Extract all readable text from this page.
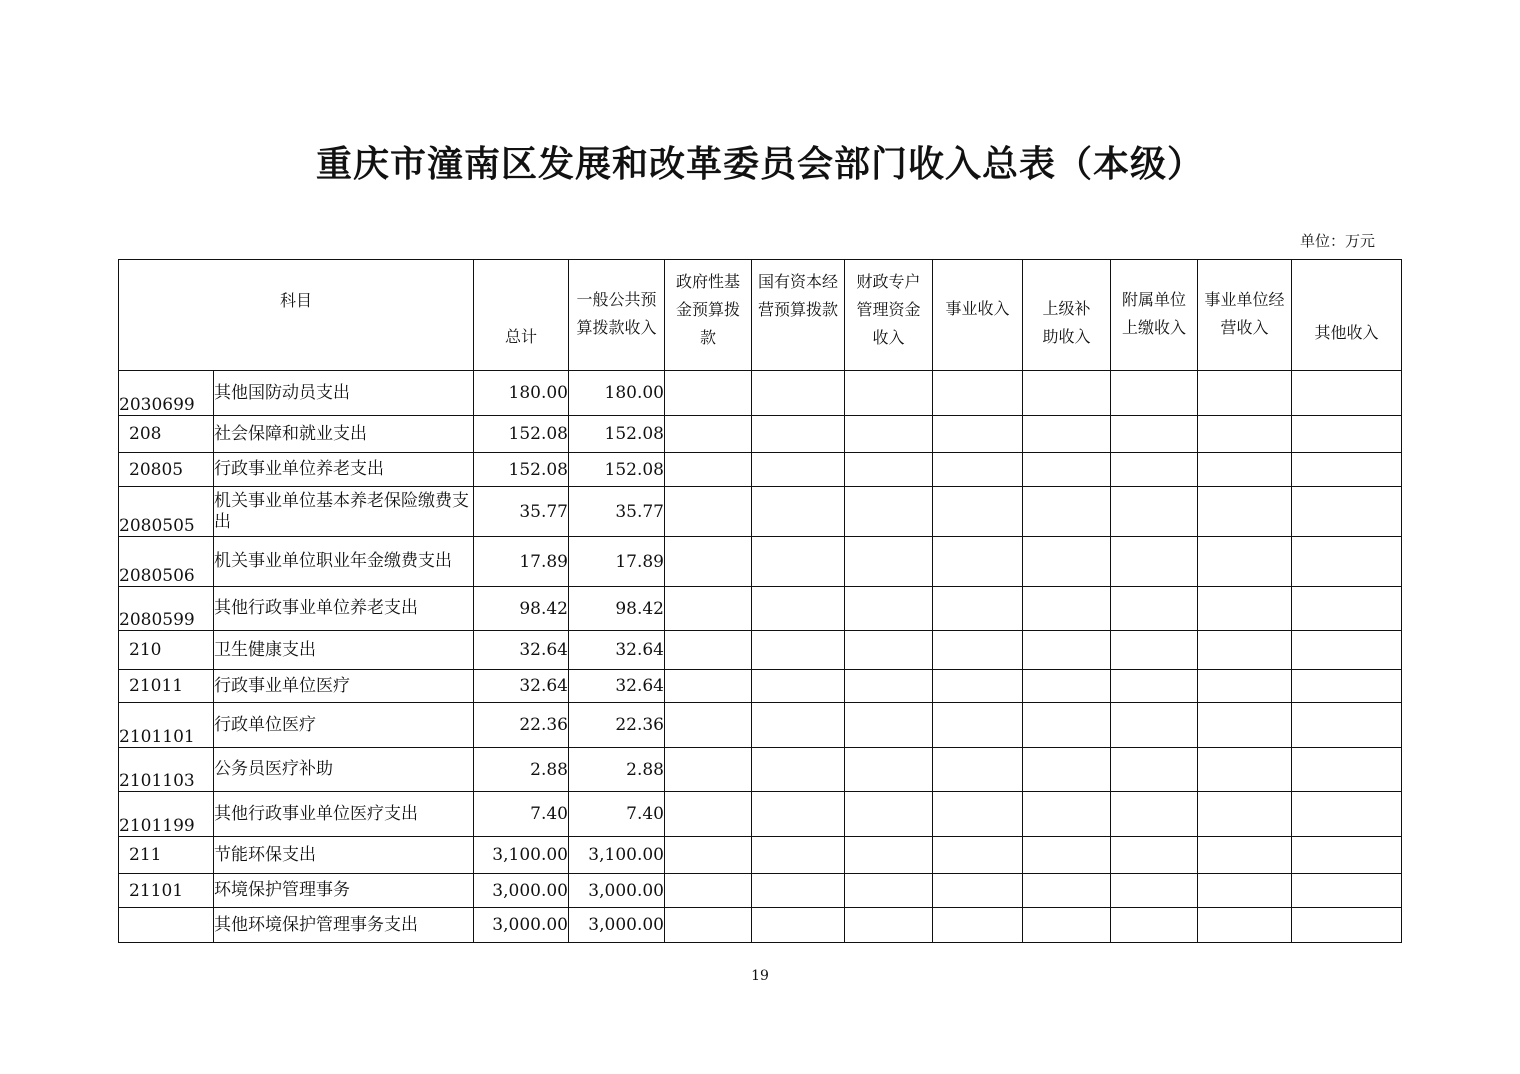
重庆市潼南区发展和改革委员会部门收入总表（本级）
单位：万元
科目		总计	一般公共预算拨款收入	政府性基金预算拨款	国有资本经营预算拨款	财政专户管理资金收入	事业收入	上级补助收入	附属单位上缴收入	事业单位经营收入	其他收入

2030699	其他国防动员支出	180.00	180.00								
208	社会保障和就业支出	152.08	152.08								
20805	行政事业单位养老支出	152.08	152.08								
2080505	机关事业单位基本养老保险缴费支出	35.77	35.77								
2080506	机关事业单位职业年金缴费支出	17.89	17.89								
2080599	其他行政事业单位养老支出	98.42	98.42								
210	卫生健康支出	32.64	32.64								
21011	行政事业单位医疗	32.64	32.64								
2101101	行政单位医疗	22.36	22.36								
2101103	公务员医疗补助	2.88	2.88								
2101199	其他行政事业单位医疗支出	7.40	7.40								
211	节能环保支出	3,100.00	3,100.00								
21101	环境保护管理事务	3,000.00	3,000.00								
	其他环境保护管理事务支出	3,000.00	3,000.00								
19
